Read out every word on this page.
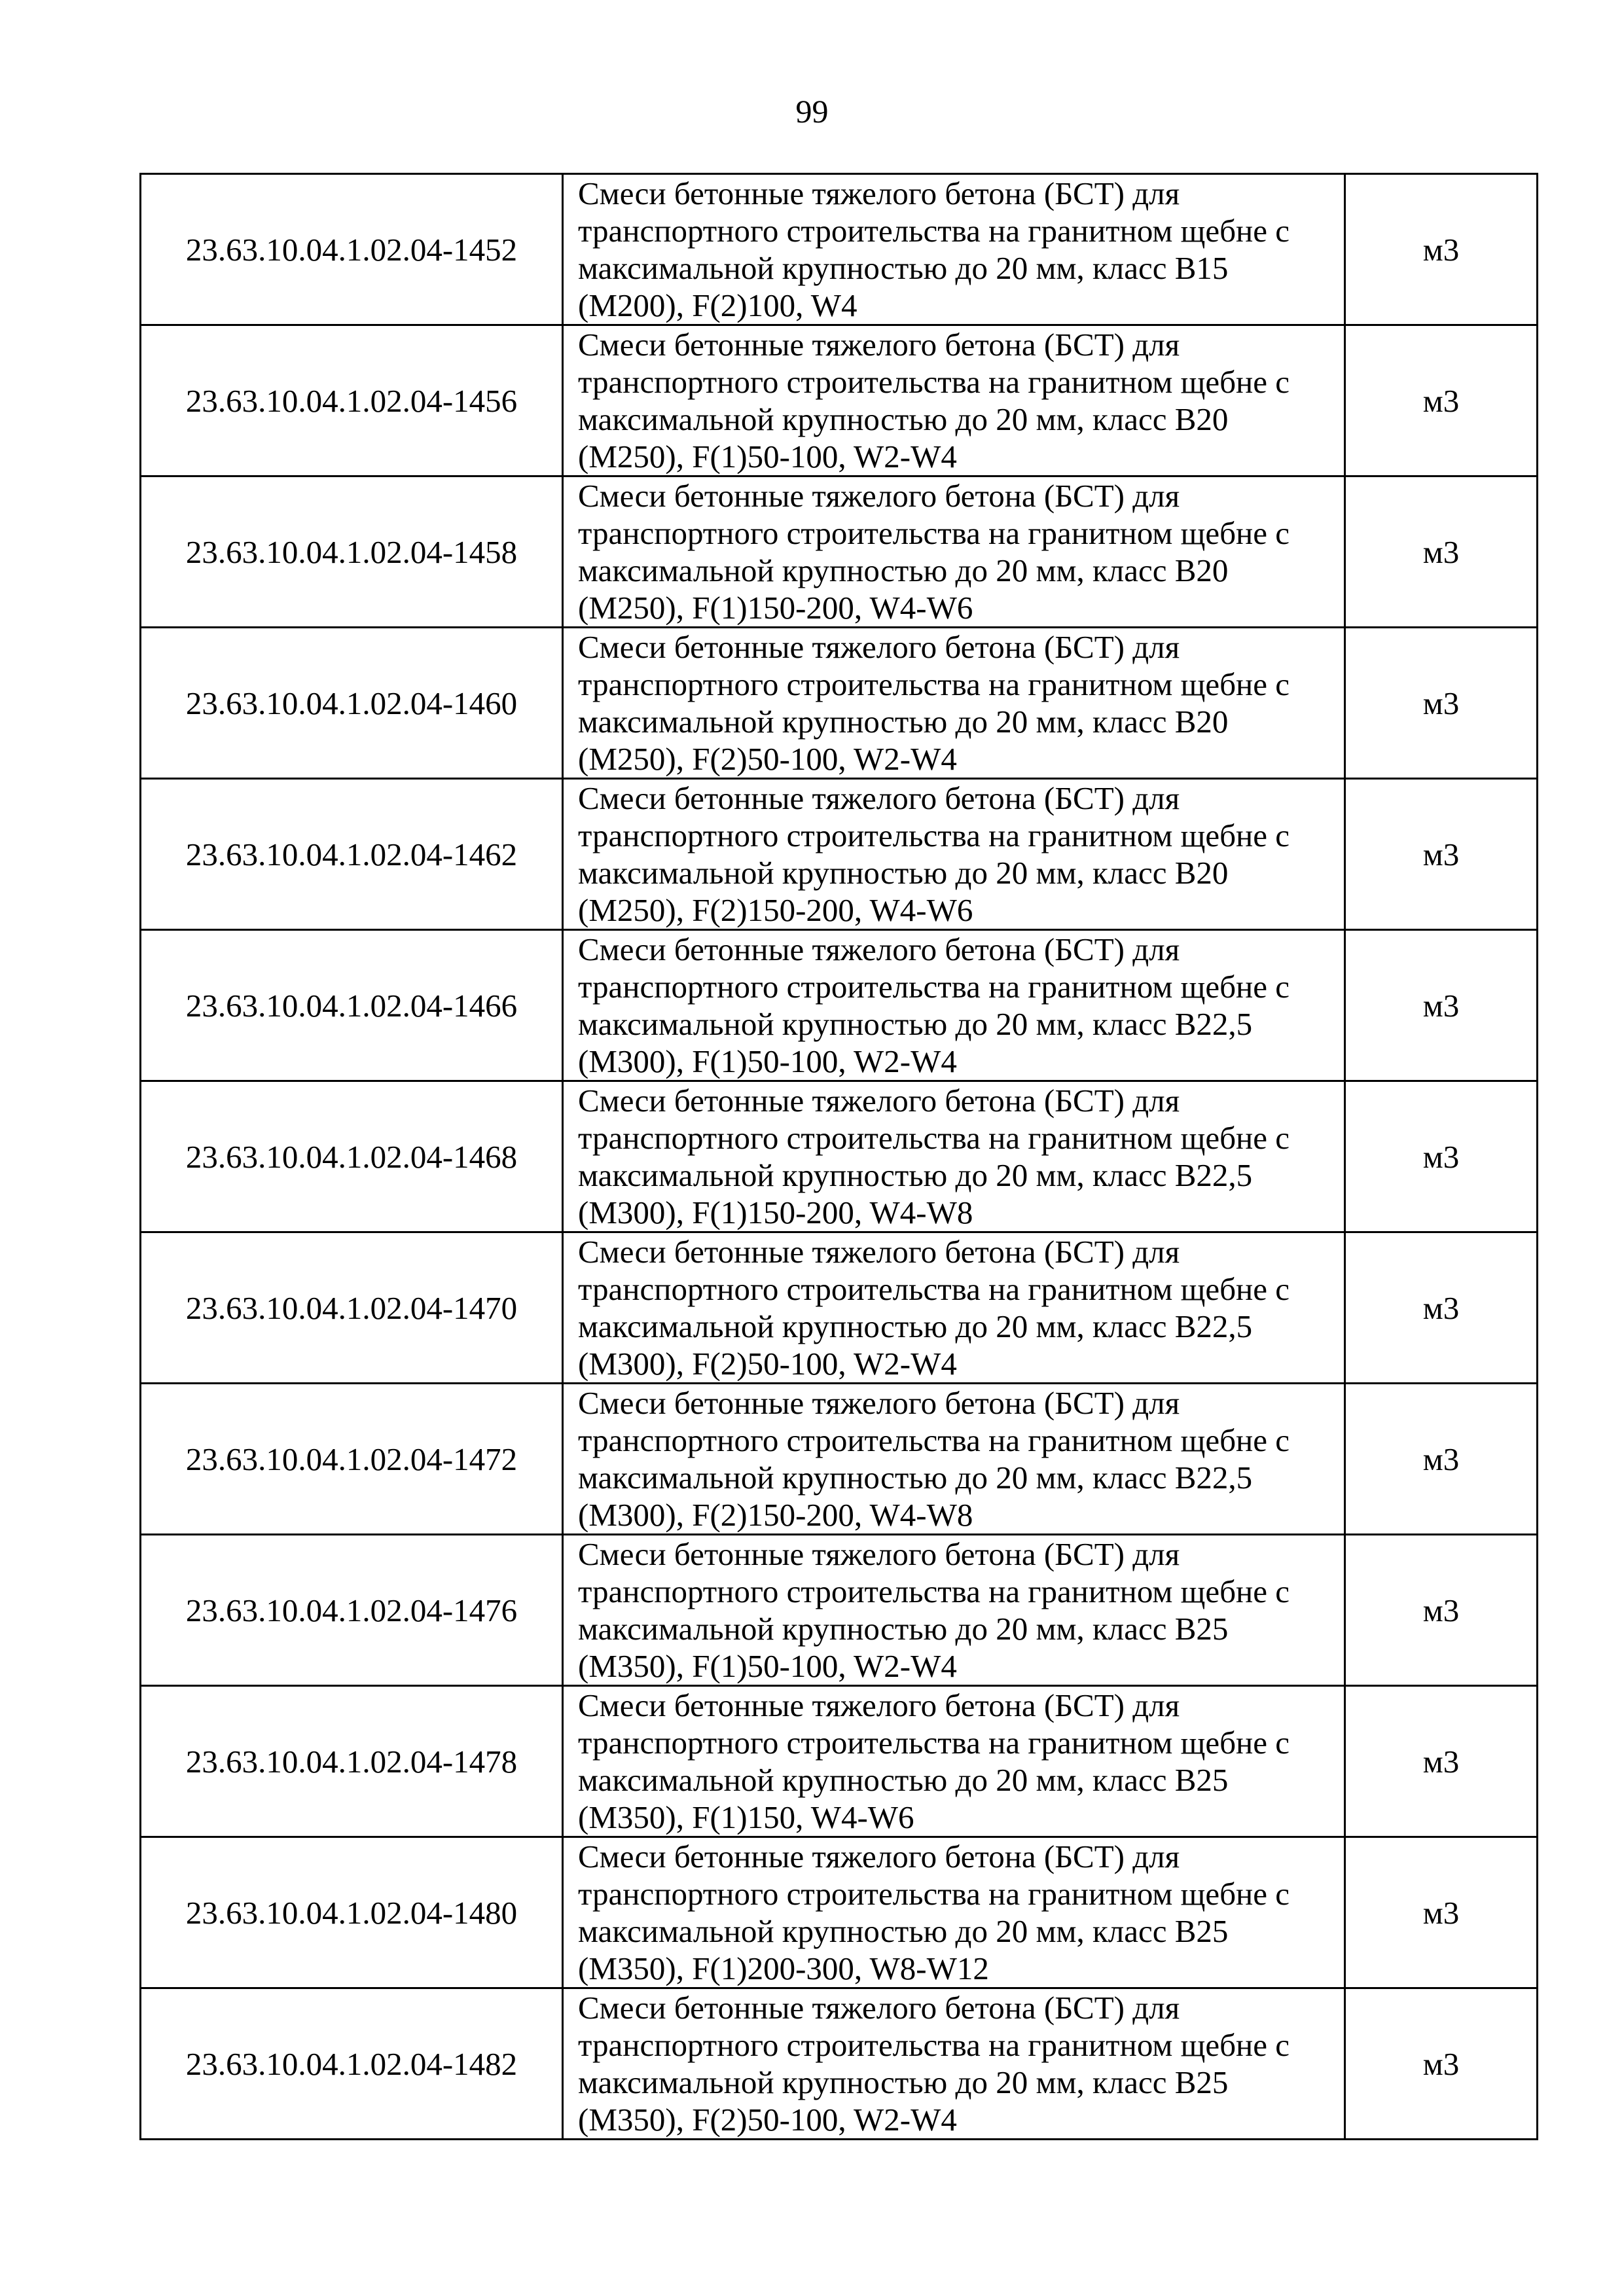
99
23.63.10.04.1.02.04-1452	Смеси бетонные тяжелого бетона (БСТ) для
транспортного строительства на гранитном щебне с
максимальной крупностью до 20 мм, класс В15
(М200), F(2)100, W4	м3
23.63.10.04.1.02.04-1456	Смеси бетонные тяжелого бетона (БСТ) для
транспортного строительства на гранитном щебне с
максимальной крупностью до 20 мм, класс В20
(М250), F(1)50-100, W2-W4	м3
23.63.10.04.1.02.04-1458	Смеси бетонные тяжелого бетона (БСТ) для
транспортного строительства на гранитном щебне с
максимальной крупностью до 20 мм, класс В20
(М250), F(1)150-200, W4-W6	м3
23.63.10.04.1.02.04-1460	Смеси бетонные тяжелого бетона (БСТ) для
транспортного строительства на гранитном щебне с
максимальной крупностью до 20 мм, класс В20
(М250), F(2)50-100, W2-W4	м3
23.63.10.04.1.02.04-1462	Смеси бетонные тяжелого бетона (БСТ) для
транспортного строительства на гранитном щебне с
максимальной крупностью до 20 мм, класс В20
(М250), F(2)150-200, W4-W6	м3
23.63.10.04.1.02.04-1466	Смеси бетонные тяжелого бетона (БСТ) для
транспортного строительства на гранитном щебне с
максимальной крупностью до 20 мм, класс В22,5
(М300), F(1)50-100, W2-W4	м3
23.63.10.04.1.02.04-1468	Смеси бетонные тяжелого бетона (БСТ) для
транспортного строительства на гранитном щебне с
максимальной крупностью до 20 мм, класс В22,5
(М300), F(1)150-200, W4-W8	м3
23.63.10.04.1.02.04-1470	Смеси бетонные тяжелого бетона (БСТ) для
транспортного строительства на гранитном щебне с
максимальной крупностью до 20 мм, класс В22,5
(М300), F(2)50-100, W2-W4	м3
23.63.10.04.1.02.04-1472	Смеси бетонные тяжелого бетона (БСТ) для
транспортного строительства на гранитном щебне с
максимальной крупностью до 20 мм, класс В22,5
(М300), F(2)150-200, W4-W8	м3
23.63.10.04.1.02.04-1476	Смеси бетонные тяжелого бетона (БСТ) для
транспортного строительства на гранитном щебне с
максимальной крупностью до 20 мм, класс В25
(М350), F(1)50-100, W2-W4	м3
23.63.10.04.1.02.04-1478	Смеси бетонные тяжелого бетона (БСТ) для
транспортного строительства на гранитном щебне с
максимальной крупностью до 20 мм, класс В25
(М350), F(1)150, W4-W6	м3
23.63.10.04.1.02.04-1480	Смеси бетонные тяжелого бетона (БСТ) для
транспортного строительства на гранитном щебне с
максимальной крупностью до 20 мм, класс В25
(М350), F(1)200-300, W8-W12	м3
23.63.10.04.1.02.04-1482	Смеси бетонные тяжелого бетона (БСТ) для
транспортного строительства на гранитном щебне с
максимальной крупностью до 20 мм, класс В25
(М350), F(2)50-100, W2-W4	м3
